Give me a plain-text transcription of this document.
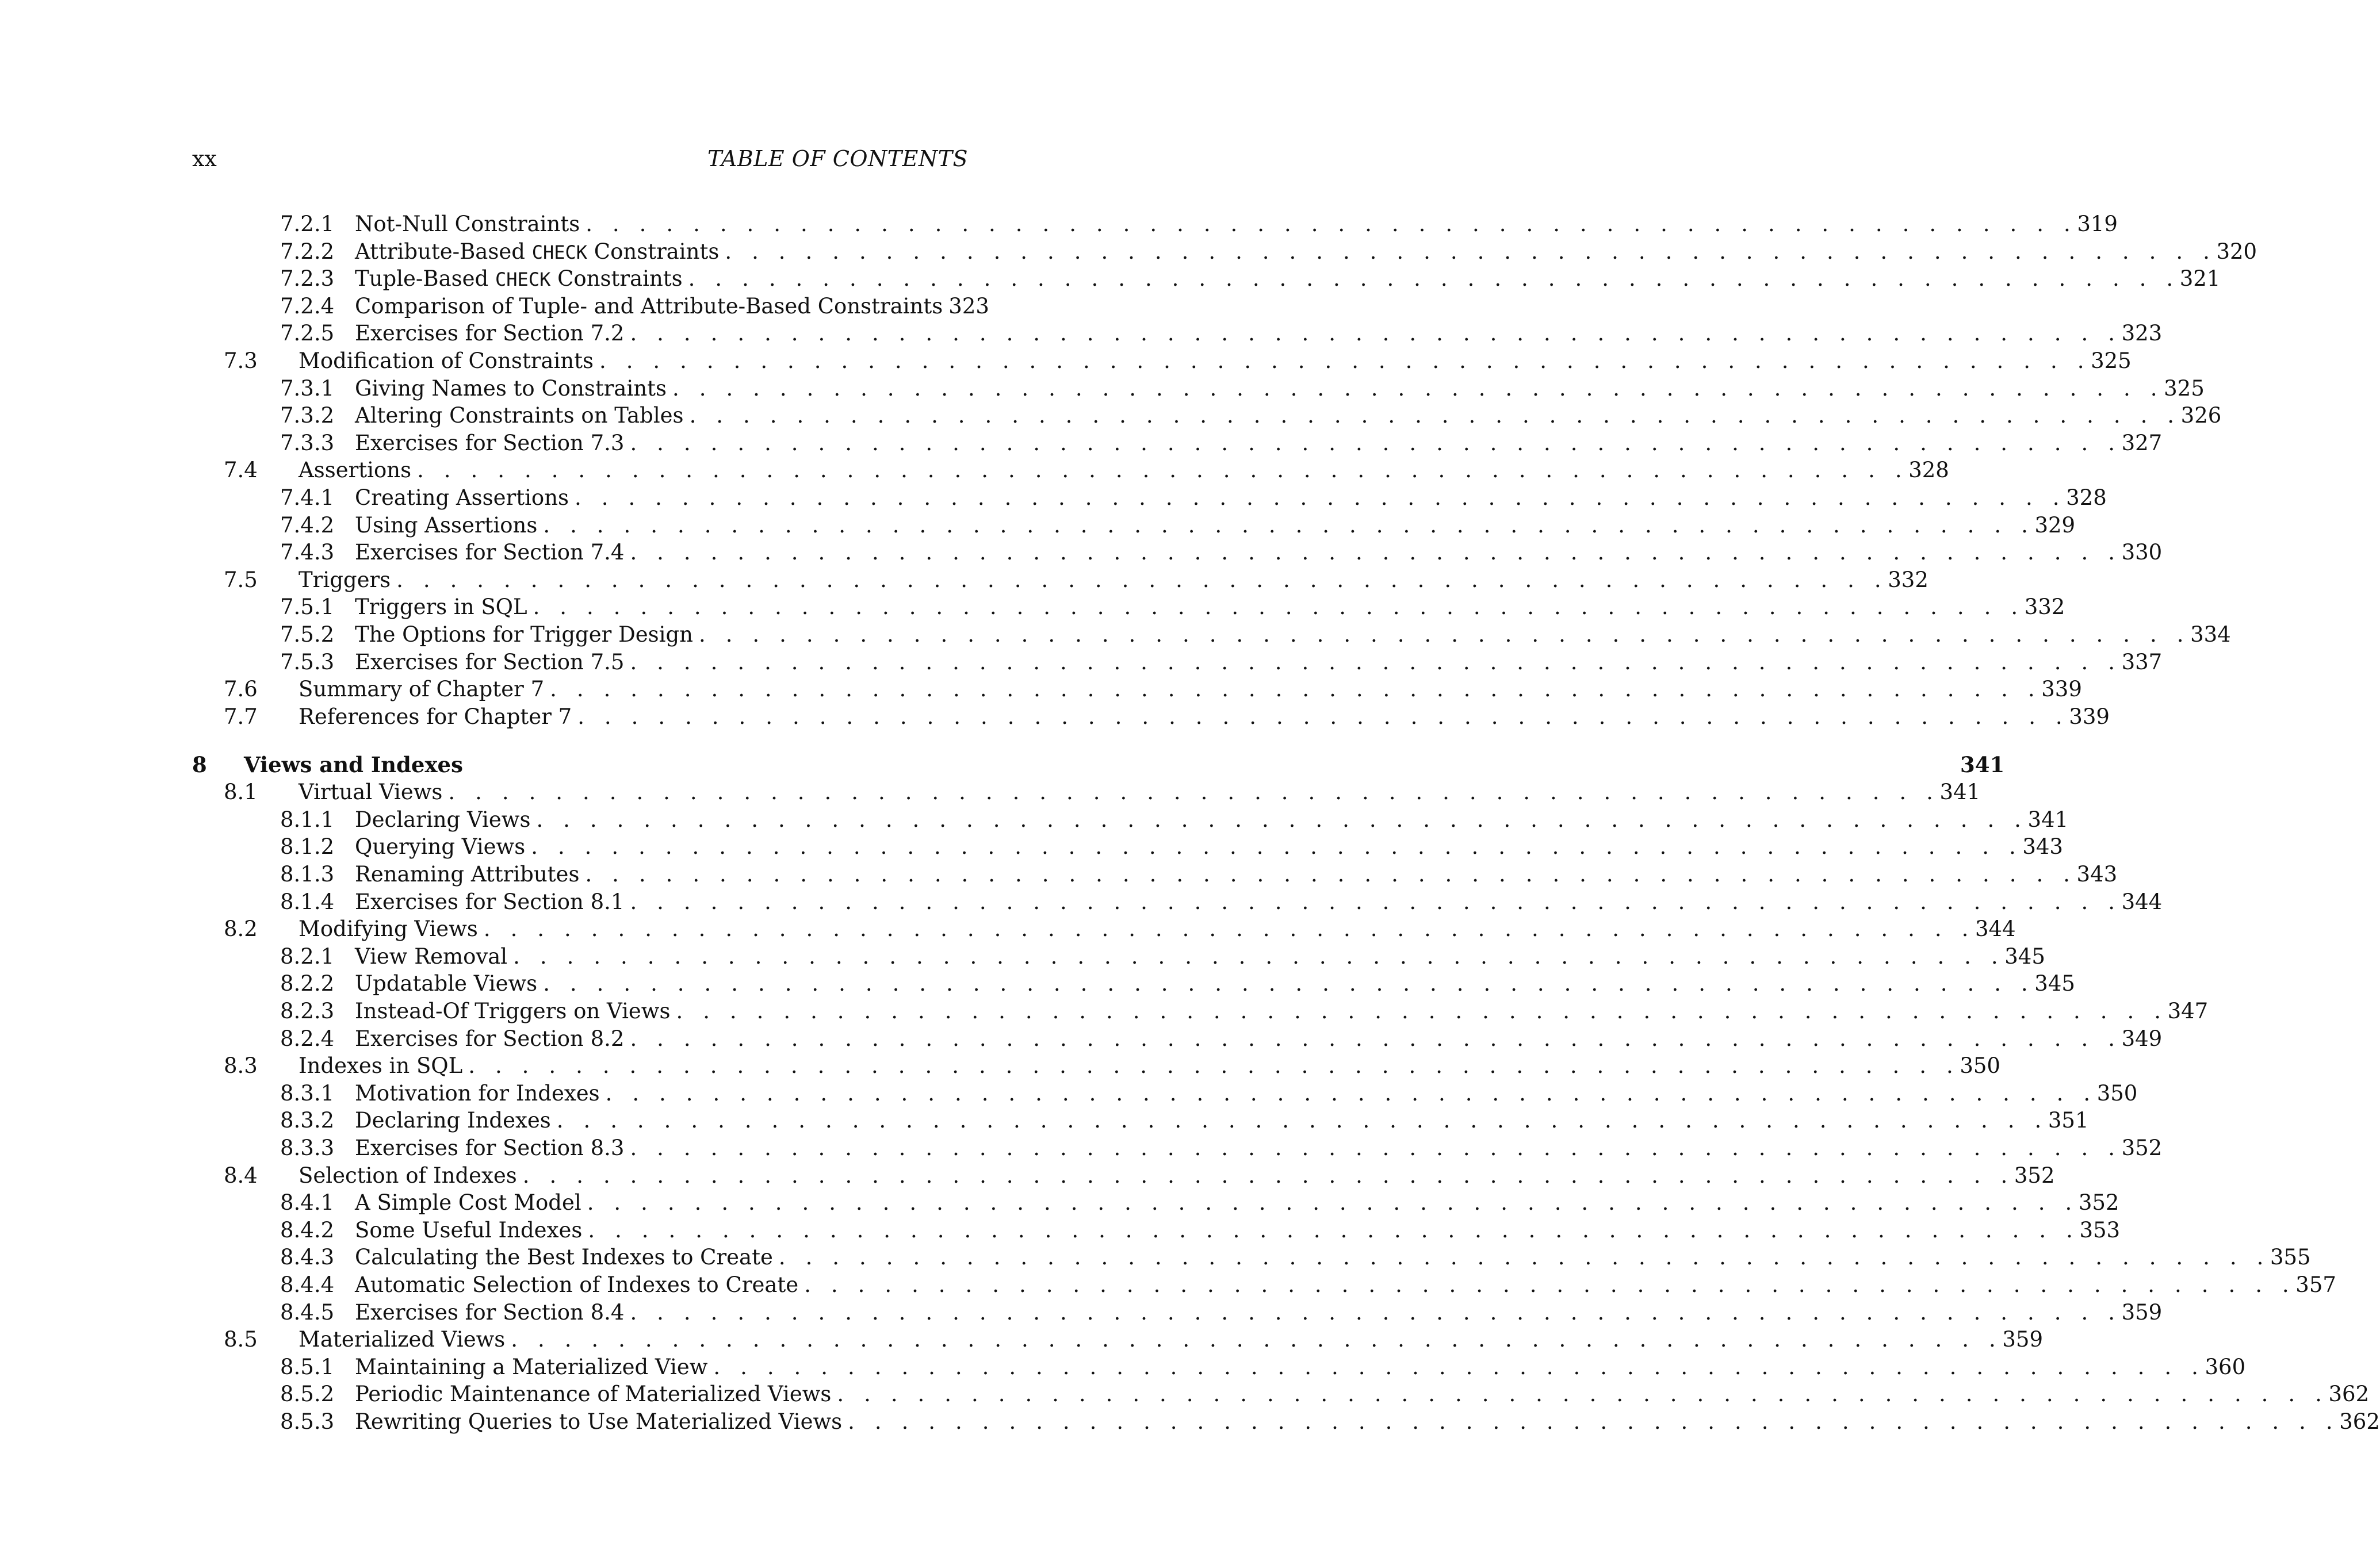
xx	TABLE OF CONTENTS
7.2.1 Not-Null Constraints . . . . . . . . . . . . . . . . . . . . . . . . . . . . . . . . . . . . . . . . . . . . . . . . . . . . . . . . 319
7.2.2 Attribute-Based CHECK Constraints . . . . . . . . . . . . . . . . . . . . . . . . . . . . . . . . . . . . . . . . . . . . . . . . . . . . . . . . 320
7.2.3 Tuple-Based CHECK Constraints . . . . . . . . . . . . . . . . . . . . . . . . . . . . . . . . . . . . . . . . . . . . . . . . . . . . . . . . 321
7.2.4 Comparison of Tuple- and Attribute-Based Constraints 323
7.2.5 Exercises for Section 7.2 . . . . . . . . . . . . . . . . . . . . . . . . . . . . . . . . . . . . . . . . . . . . . . . . . . . . . . . . 323
7.3	Modification of Constraints . . . . . . . . . . . . . . . . . . . . . . . . . . . . . . . . . . . . . . . . . . . . . . . . . . . . . . . . 325
7.3.1 Giving Names to Constraints . . . . . . . . . . . . . . . . . . . . . . . . . . . . . . . . . . . . . . . . . . . . . . . . . . . . . . . . 325
7.3.2 Altering Constraints on Tables . . . . . . . . . . . . . . . . . . . . . . . . . . . . . . . . . . . . . . . . . . . . . . . . . . . . . . . . 326
7.3.3 Exercises for Section 7.3 . . . . . . . . . . . . . . . . . . . . . . . . . . . . . . . . . . . . . . . . . . . . . . . . . . . . . . . . 327
7.4	Assertions . . . . . . . . . . . . . . . . . . . . . . . . . . . . . . . . . . . . . . . . . . . . . . . . . . . . . . . . 328
7.4.1 Creating Assertions . . . . . . . . . . . . . . . . . . . . . . . . . . . . . . . . . . . . . . . . . . . . . . . . . . . . . . . . 328
7.4.2 Using Assertions . . . . . . . . . . . . . . . . . . . . . . . . . . . . . . . . . . . . . . . . . . . . . . . . . . . . . . . . 329
7.4.3 Exercises for Section 7.4 . . . . . . . . . . . . . . . . . . . . . . . . . . . . . . . . . . . . . . . . . . . . . . . . . . . . . . . . 330
7.5	Triggers . . . . . . . . . . . . . . . . . . . . . . . . . . . . . . . . . . . . . . . . . . . . . . . . . . . . . . . . 332
7.5.1 Triggers in SQL . . . . . . . . . . . . . . . . . . . . . . . . . . . . . . . . . . . . . . . . . . . . . . . . . . . . . . . . 332
7.5.2 The Options for Trigger Design . . . . . . . . . . . . . . . . . . . . . . . . . . . . . . . . . . . . . . . . . . . . . . . . . . . . . . . . 334
7.5.3 Exercises for Section 7.5 . . . . . . . . . . . . . . . . . . . . . . . . . . . . . . . . . . . . . . . . . . . . . . . . . . . . . . . . 337
7.6	Summary of Chapter 7 . . . . . . . . . . . . . . . . . . . . . . . . . . . . . . . . . . . . . . . . . . . . . . . . . . . . . . . . 339
7.7	References for Chapter 7 . . . . . . . . . . . . . . . . . . . . . . . . . . . . . . . . . . . . . . . . . . . . . . . . . . . . . . . . 339
8	Views and Indexes	341
8.1	Virtual Views . . . . . . . . . . . . . . . . . . . . . . . . . . . . . . . . . . . . . . . . . . . . . . . . . . . . . . . . 341
8.1.1 Declaring Views . . . . . . . . . . . . . . . . . . . . . . . . . . . . . . . . . . . . . . . . . . . . . . . . . . . . . . . . 341
8.1.2 Querying Views . . . . . . . . . . . . . . . . . . . . . . . . . . . . . . . . . . . . . . . . . . . . . . . . . . . . . . . . 343
8.1.3 Renaming Attributes . . . . . . . . . . . . . . . . . . . . . . . . . . . . . . . . . . . . . . . . . . . . . . . . . . . . . . . . 343
8.1.4 Exercises for Section 8.1 . . . . . . . . . . . . . . . . . . . . . . . . . . . . . . . . . . . . . . . . . . . . . . . . . . . . . . . . 344
8.2	Modifying Views . . . . . . . . . . . . . . . . . . . . . . . . . . . . . . . . . . . . . . . . . . . . . . . . . . . . . . . . 344
8.2.1 View Removal . . . . . . . . . . . . . . . . . . . . . . . . . . . . . . . . . . . . . . . . . . . . . . . . . . . . . . . . 345
8.2.2 Updatable Views . . . . . . . . . . . . . . . . . . . . . . . . . . . . . . . . . . . . . . . . . . . . . . . . . . . . . . . . 345
8.2.3 Instead-Of Triggers on Views . . . . . . . . . . . . . . . . . . . . . . . . . . . . . . . . . . . . . . . . . . . . . . . . . . . . . . . . 347
8.2.4 Exercises for Section 8.2 . . . . . . . . . . . . . . . . . . . . . . . . . . . . . . . . . . . . . . . . . . . . . . . . . . . . . . . . 349
8.3	Indexes in SQL . . . . . . . . . . . . . . . . . . . . . . . . . . . . . . . . . . . . . . . . . . . . . . . . . . . . . . . . 350
8.3.1 Motivation for Indexes . . . . . . . . . . . . . . . . . . . . . . . . . . . . . . . . . . . . . . . . . . . . . . . . . . . . . . . . 350
8.3.2 Declaring Indexes . . . . . . . . . . . . . . . . . . . . . . . . . . . . . . . . . . . . . . . . . . . . . . . . . . . . . . . . 351
8.3.3 Exercises for Section 8.3 . . . . . . . . . . . . . . . . . . . . . . . . . . . . . . . . . . . . . . . . . . . . . . . . . . . . . . . . 352
8.4	Selection of Indexes . . . . . . . . . . . . . . . . . . . . . . . . . . . . . . . . . . . . . . . . . . . . . . . . . . . . . . . . 352
8.4.1 A Simple Cost Model . . . . . . . . . . . . . . . . . . . . . . . . . . . . . . . . . . . . . . . . . . . . . . . . . . . . . . . . 352
8.4.2 Some Useful Indexes . . . . . . . . . . . . . . . . . . . . . . . . . . . . . . . . . . . . . . . . . . . . . . . . . . . . . . . . 353
8.4.3 Calculating the Best Indexes to Create . . . . . . . . . . . . . . . . . . . . . . . . . . . . . . . . . . . . . . . . . . . . . . . . . . . . . . . . 355
8.4.4 Automatic Selection of Indexes to Create . . . . . . . . . . . . . . . . . . . . . . . . . . . . . . . . . . . . . . . . . . . . . . . . . . . . . . . . 357
8.4.5 Exercises for Section 8.4 . . . . . . . . . . . . . . . . . . . . . . . . . . . . . . . . . . . . . . . . . . . . . . . . . . . . . . . . 359
8.5	Materialized Views . . . . . . . . . . . . . . . . . . . . . . . . . . . . . . . . . . . . . . . . . . . . . . . . . . . . . . . . 359
8.5.1 Maintaining a Materialized View . . . . . . . . . . . . . . . . . . . . . . . . . . . . . . . . . . . . . . . . . . . . . . . . . . . . . . . . 360
8.5.2 Periodic Maintenance of Materialized Views . . . . . . . . . . . . . . . . . . . . . . . . . . . . . . . . . . . . . . . . . . . . . . . . . . . . . . . . 362
8.5.3 Rewriting Queries to Use Materialized Views . . . . . . . . . . . . . . . . . . . . . . . . . . . . . . . . . . . . . . . . . . . . . . . . . . . . . . . . 362
